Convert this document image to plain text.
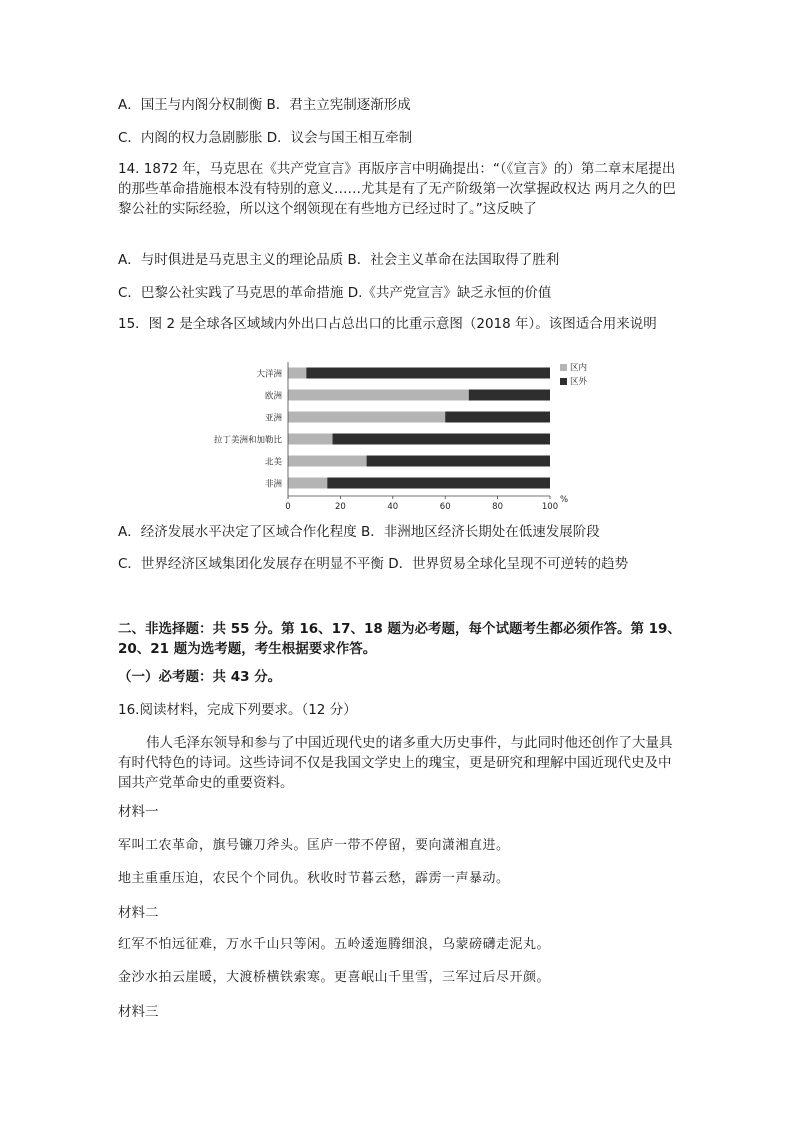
A．国王与内阁分权制衡 B．君主立宪制逐渐形成
C．内阁的权力急剧膨胀 D．议会与国王相互牵制
14. 1872 年，马克思在《共产党宣言》再版序言中明确提出：“（《宣言》的）第二章末尾提出的那些革命措施根本没有特别的意义……尤其是有了无产阶级第一次掌握政权达 两月之久的巴黎公社的实际经验，所以这个纲领现在有些地方已经过时了。”这反映了
A．与时俱进是马克思主义的理论品质 B．社会主义革命在法国取得了胜利
C．巴黎公社实践了马克思的革命措施 D.《共产党宣言》缺乏永恒的价值
15．图 2 是全球各区域域内外出口占总出口的比重示意图（2018 年）。该图适合用来说明
大洋洲
欧洲
亚洲
拉丁美洲和加勒比
北美
非洲
0	20	40	60	80	100
%
区内
区外
A．经济发展水平决定了区域合作化程度 B．非洲地区经济长期处在低速发展阶段
C．世界经济区域集团化发展存在明显不平衡 D．世界贸易全球化呈现不可逆转的趋势
二、非选择题：共 55 分。第 16、17、18 题为必考题，每个试题考生都必须作答。第 19、20、21 题为选考题，考生根据要求作答。
（一）必考题：共 43 分。
16.阅读材料，完成下列要求。（12 分）
伟人毛泽东领导和参与了中国近现代史的诸多重大历史事件，与此同时他还创作了大量具有时代特色的诗词。这些诗词不仅是我国文学史上的瑰宝，更是研究和理解中国近现代史及中国共产党革命史的重要资料。
材料一
军叫工农革命，旗号镰刀斧头。匡庐一带不停留，要向潇湘直进。
地主重重压迫，农民个个同仇。秋收时节暮云愁，霹雳一声暴动。
材料二
红军不怕远征难，万水千山只等闲。五岭逶迤腾细浪，乌蒙磅礴走泥丸。
金沙水拍云崖暖，大渡桥横铁索寒。更喜岷山千里雪，三军过后尽开颜。
材料三
